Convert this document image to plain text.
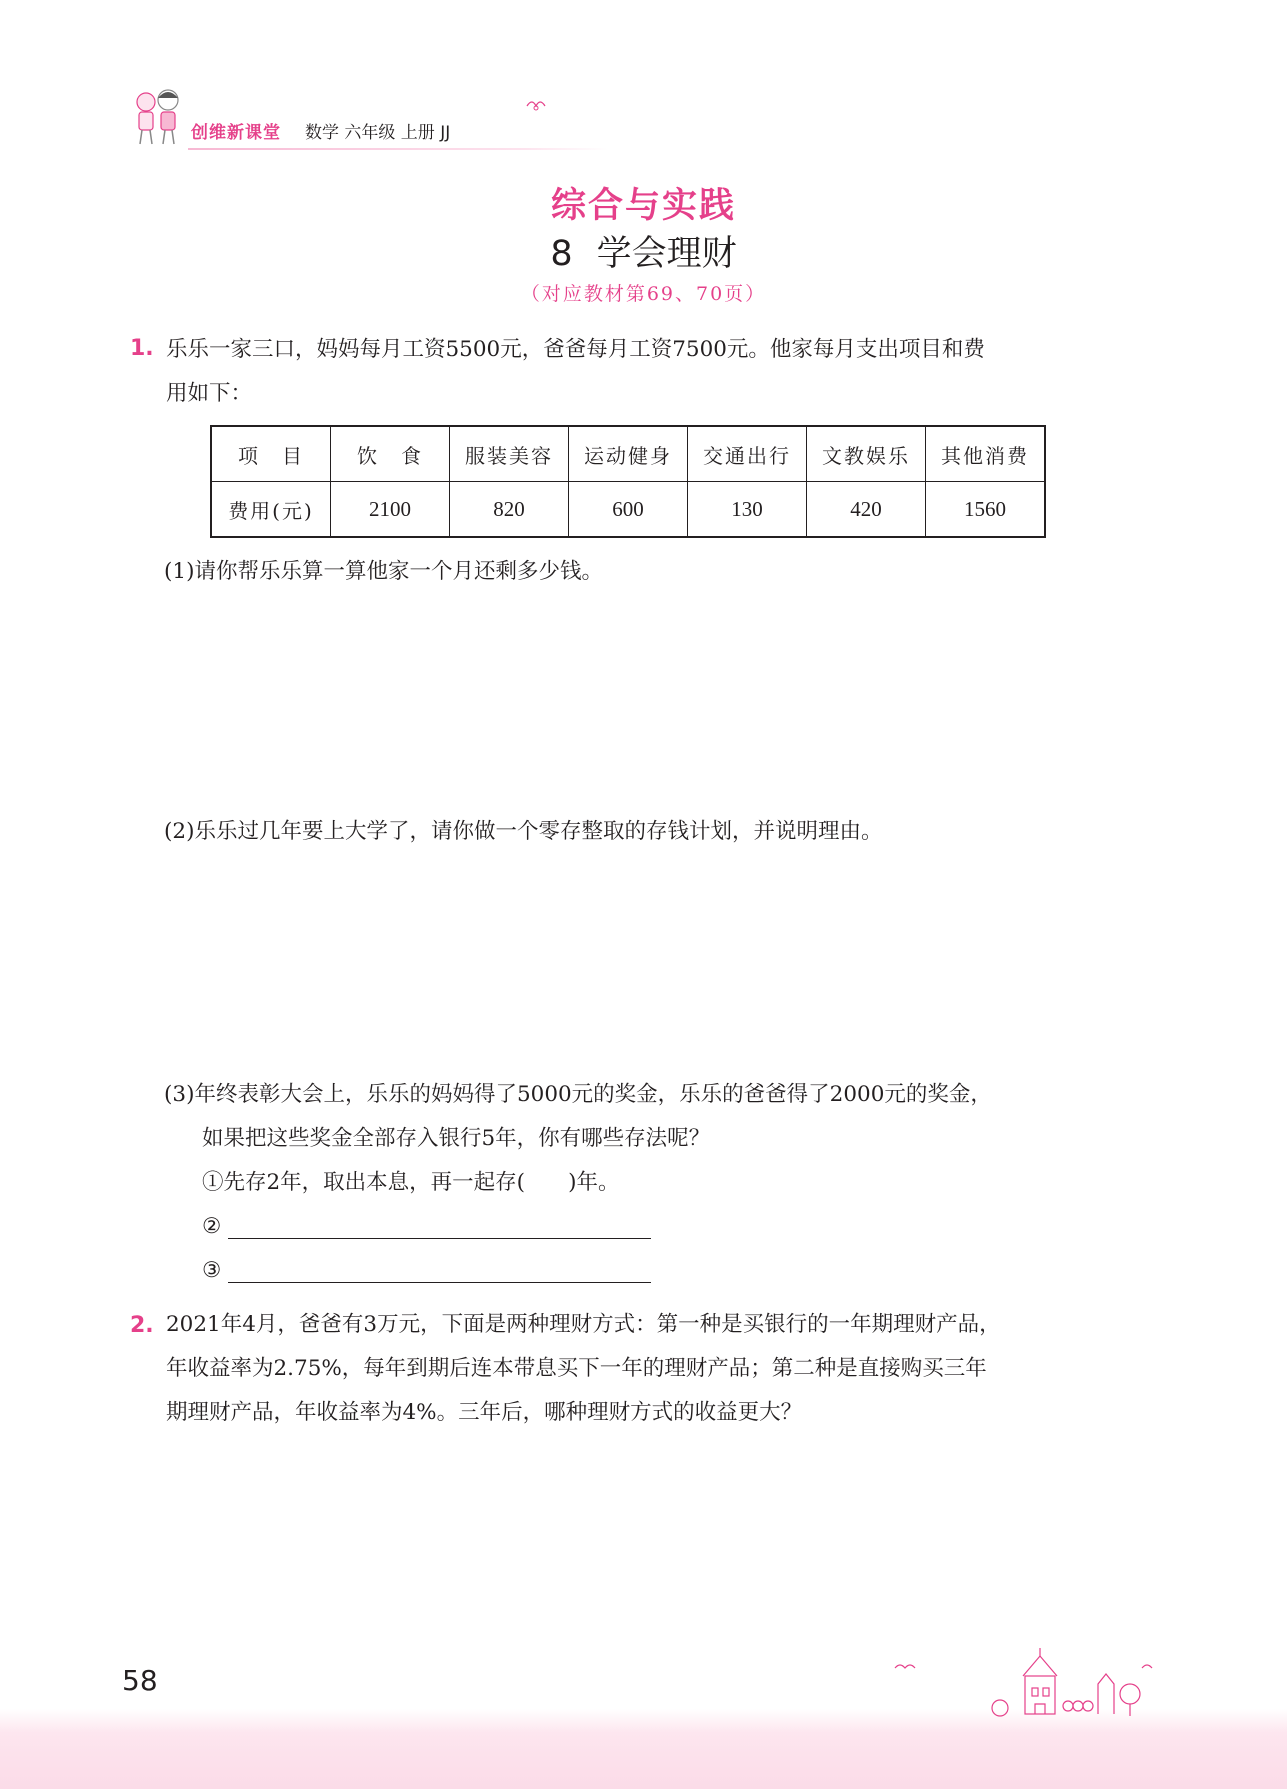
创维新课堂 数学 六年级 上册 JJ
综合与实践
8 学会理财
（对应教材第69、70页）
1. 乐乐一家三口，妈妈每月工资5500元，爸爸每月工资7500元。他家每月支出项目和费
用如下：
项　目	饮　食	服装美容	运动健身	交通出行	文教娱乐	其他消费
费用(元)	2100	820	600	130	420	1560
(1)请你帮乐乐算一算他家一个月还剩多少钱。
(2)乐乐过几年要上大学了，请你做一个零存整取的存钱计划，并说明理由。
(3)年终表彰大会上，乐乐的妈妈得了5000元的奖金，乐乐的爸爸得了2000元的奖金，
如果把这些奖金全部存入银行5年，你有哪些存法呢？
①先存2年，取出本息，再一起存(　　)年。
②
③
2. 2021年4月，爸爸有3万元，下面是两种理财方式：第一种是买银行的一年期理财产品，
年收益率为2.75%，每年到期后连本带息买下一年的理财产品；第二种是直接购买三年
期理财产品，年收益率为4%。三年后，哪种理财方式的收益更大？
58
